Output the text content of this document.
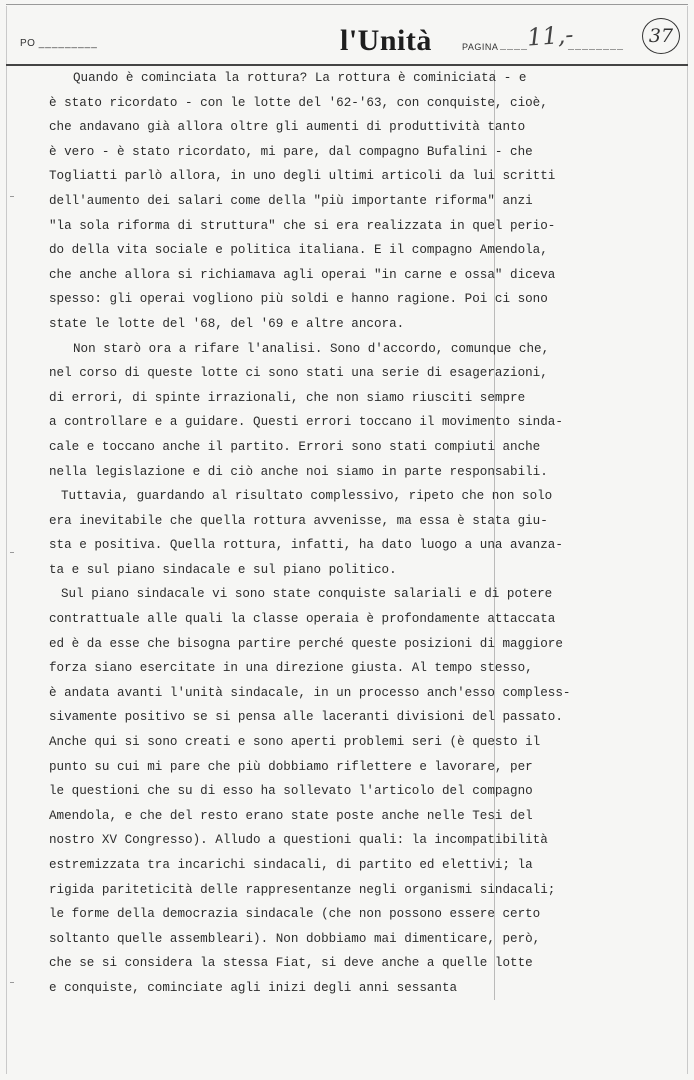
PO _________	l'Unità	PAGINA ____	________
11,-	37
Quando è cominciata la rottura? La rottura è cominiciata - e
è stato ricordato - con le lotte del '62-'63, con conquiste, cioè,
che andavano già allora oltre gli aumenti di produttività tanto
è vero - è stato ricordato, mi pare, dal compagno Bufalini - che
Togliatti parlò allora, in uno degli ultimi articoli da lui scritti
dell'aumento dei salari come della "più importante riforma" anzi
"la sola riforma di struttura" che si era realizzata in quel perio-
do della vita sociale e politica italiana. E il compagno Amendola,
che anche allora si richiamava agli operai "in carne e ossa" diceva
spesso: gli operai vogliono più soldi e hanno ragione. Poi ci sono
state le lotte del '68, del '69 e altre ancora.
Non starò ora a rifare l'analisi. Sono d'accordo, comunque che,
nel corso di queste lotte ci sono stati una serie di esagerazioni,
di errori, di spinte irrazionali, che non siamo riusciti sempre
a controllare e a guidare. Questi errori toccano il movimento sinda-
cale e toccano anche il partito. Errori sono stati compiuti anche
nella legislazione e di ciò anche noi siamo in parte responsabili.
Tuttavia, guardando al risultato complessivo, ripeto che non solo
era inevitabile che quella rottura avvenisse, ma essa è stata giu-
sta e positiva. Quella rottura, infatti, ha dato luogo a una avanza-
ta e sul piano sindacale e sul piano politico.
Sul piano sindacale vi sono state conquiste salariali e di potere
contrattuale alle quali la classe operaia è profondamente attaccata
ed è da esse che bisogna partire perché queste posizioni di maggiore
forza siano esercitate in una direzione giusta. Al tempo stesso,
è andata avanti l'unità sindacale, in un processo anch'esso compless-
sivamente positivo se si pensa alle laceranti divisioni del passato.
Anche qui si sono creati e sono aperti problemi seri (è questo il
punto su cui mi pare che più dobbiamo riflettere e lavorare, per
le questioni che su di esso ha sollevato l'articolo del compagno
Amendola, e che del resto erano state poste anche nelle Tesi del
nostro XV Congresso). Alludo a questioni quali: la incompatibilità
estremizzata tra incarichi sindacali, di partito ed elettivi; la
rigida pariteticità delle rappresentanze negli organismi sindacali;
le forme della democrazia sindacale (che non possono essere certo
soltanto quelle assembleari). Non dobbiamo mai dimenticare, però,
che se si considera la stessa Fiat, si deve anche a quelle lotte
e conquiste, cominciate agli inizi degli anni sessanta
